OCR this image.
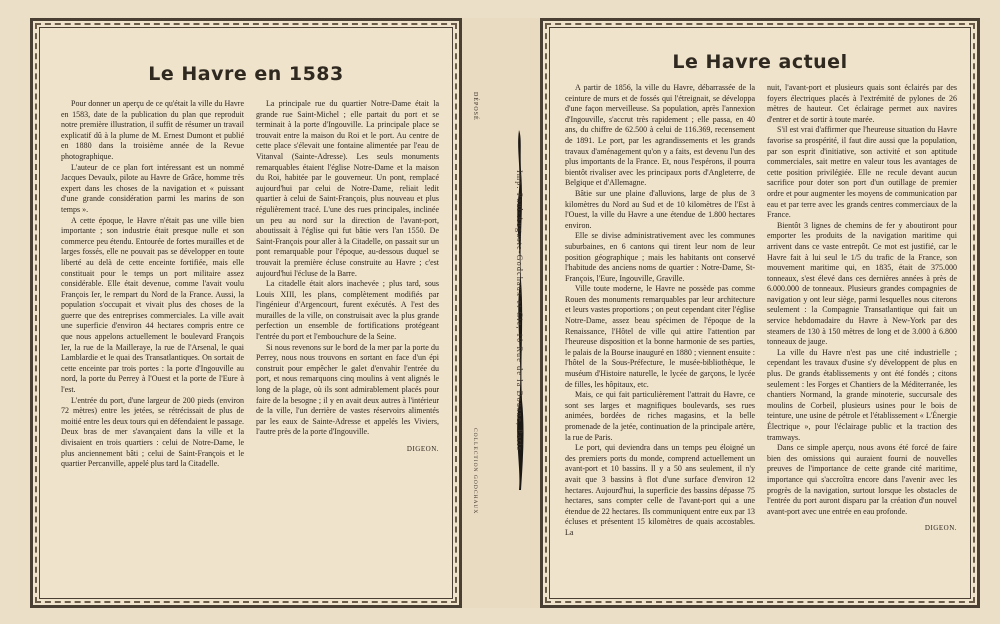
Le Havre en 1583

Pour donner un aperçu de ce qu'était la ville du Havre en 1583, date de la publication du plan que reproduit notre première illustration, il suffit de résumer un travail explicatif dû à la plume de M. Ernest Dumont et publié en 1880 dans la troisième année de la Revue photographique.

L'auteur de ce plan fort intéressant est un nommé Jacques Devaulx, pilote au Havre de Grâce, homme très expert dans les choses de la navigation et « puissant d'une grande considération parmi les marins de son temps ».

A cette époque, le Havre n'était pas une ville bien importante ; son industrie était presque nulle et son commerce peu étendu. Entourée de fortes murailles et de larges fossés, elle ne pouvait pas se développer en toute liberté au delà de cette enceinte fortifiée, mais elle constituait pour le temps un port militaire assez considérable. Elle était devenue, comme l'avait voulu François Ier, le rempart du Nord de la France. Aussi, la population s'occupait et vivait plus des choses de la guerre que des entreprises commerciales. La ville avait une superficie d'environ 44 hectares compris entre ce que nous appelons actuellement le boulevard François Ier, la rue de la Mailleraye, la rue de l'Arsenal, le quai Lamblardie et le quai des Transatlantiques. On sortait de cette enceinte par trois portes : la porte d'Ingouville au nord, la porte du Perrey à l'Ouest et la porte de l'Eure à l'est.

L'entrée du port, d'une largeur de 200 pieds (environ 72 mètres) entre les jetées, se rétrécissait de plus de moitié entre les deux tours qui en défendaient le passage. Deux bras de mer s'avançaient dans la ville et la divisaient en trois quartiers : celui de Notre-Dame, le plus anciennement bâti ; celui de Saint-François et le quartier Percanville, appelé plus tard la Citadelle.

La principale rue du quartier Notre-Dame était la grande rue Saint-Michel ; elle partait du port et se terminait à la porte d'Ingouville. La principale place se trouvait entre la maison du Roi et le port. Au centre de cette place s'élevait une fontaine alimentée par l'eau de Vitanval (Sainte-Adresse). Les seuls monuments remarquables étaient l'église Notre-Dame et la maison du Roi, habitée par le gouverneur. Un pont, remplacé aujourd'hui par celui de Notre-Dame, reliait ledit quartier à celui de Saint-François, plus nouveau et plus régulièrement tracé. L'une des rues principales, inclinée un peu au nord sur la direction de l'avant-port, aboutissait à l'église qui fut bâtie vers l'an 1550. De Saint-François pour aller à la Citadelle, on passait sur un pont remarquable pour l'époque, au-dessous duquel se trouvait la première écluse construite au Havre ; c'est aujourd'hui l'écluse de la Barre.

La citadelle était alors inachevée ; plus tard, sous Louis XIII, les plans, complètement modifiés par l'ingénieur d'Argencourt, furent exécutés. A l'est des murailles de la ville, on construisait avec la plus grande perfection un ensemble de fortifications protégeant l'entrée du port et l'embouchure de la Seine.

Si nous revenons sur le bord de la mer par la porte du Perrey, nous nous trouvons en sortant en face d'un épi construit pour empêcher le galet d'envahir l'entrée du port, et nous remarquons cinq moulins à vent alignés le long de la plage, où ils sont admirablement placés pour faire de la besogne ; il y en avait deux autres à l'intérieur de la ville, l'un derrière de vastes réservoirs alimentés par les eaux de Sainte-Adresse et appelés les Viviers, l'autre près de la porte d'Ingouville.

DIGEON.
DÉPOSÉ
Imp. Paul-Auguste-Godchaux et Cie, 10 Rue de la Douane, Paris
COLLECTION GODCHAUX
Le Havre actuel

A partir de 1856, la ville du Havre, débarrassée de la ceinture de murs et de fossés qui l'étreignait, se développa d'une façon merveilleuse. Sa population, après l'annexion d'Ingouville, s'accrut très rapidement ; elle passa, en 40 ans, du chiffre de 62.500 à celui de 116.369, recensement de 1891. Le port, par les agrandissements et les grands travaux d'aménagement qu'on y a faits, est devenu l'un des plus importants de la France. Et, nous l'espérons, il pourra bientôt rivaliser avec les principaux ports d'Angleterre, de Belgique et d'Allemagne.

Bâtie sur une plaine d'alluvions, large de plus de 3 kilomètres du Nord au Sud et de 10 kilomètres de l'Est à l'Ouest, la ville du Havre a une étendue de 1.800 hectares environ.

Elle se divise administrativement avec les communes suburbaines, en 6 cantons qui tirent leur nom de leur position géographique ; mais les habitants ont conservé l'habitude des anciens noms de quartier : Notre-Dame, St-François, l'Eure, Ingouville, Graville.

Ville toute moderne, le Havre ne possède pas comme Rouen des monuments remarquables par leur architecture et leurs vastes proportions ; on peut cependant citer l'église Notre-Dame, assez beau spécimen de l'époque de la Renaissance, l'Hôtel de ville qui attire l'attention par l'heureuse disposition et la bonne harmonie de ses parties, le palais de la Bourse inauguré en 1880 ; viennent ensuite : l'hôtel de la Sous-Préfecture, le musée-bibliothèque, le muséum d'Histoire naturelle, le lycée de garçons, le lycée de filles, les hôpitaux, etc.

Mais, ce qui fait particulièrement l'attrait du Havre, ce sont ses larges et magnifiques boulevards, ses rues animées, bordées de riches magasins, et la belle promenade de la jetée, continuation de la principale artère, la rue de Paris.

Le port, qui deviendra dans un temps peu éloigné un des premiers ports du monde, comprend actuellement un avant-port et 10 bassins. Il y a 50 ans seulement, il n'y avait que 3 bassins à flot d'une surface d'environ 12 hectares. Aujourd'hui, la superficie des bassins dépasse 75 hectares, sans compter celle de l'avant-port qui a une étendue de 22 hectares. Ils communiquent entre eux par 13 écluses et présentent 15 kilomètres de quais accostables. La

nuit, l'avant-port et plusieurs quais sont éclairés par des foyers électriques placés à l'extrémité de pylones de 26 mètres de hauteur. Cet éclairage permet aux navires d'entrer et de sortir à toute marée.

S'il est vrai d'affirmer que l'heureuse situation du Havre favorise sa prospérité, il faut dire aussi que la population, par son esprit d'initiative, son activité et son aptitude commerciales, sait mettre en valeur tous les avantages de cette position privilégiée. Elle ne recule devant aucun sacrifice pour doter son port d'un outillage de premier ordre et pour augmenter les moyens de communication par eau et par terre avec les grands centres commerciaux de la France.

Bientôt 3 lignes de chemins de fer y aboutiront pour emporter les produits de la navigation maritime qui arrivent dans ce vaste entrepôt. Ce mot est justifié, car le Havre fait à lui seul le 1/5 du trafic de la France, son mouvement maritime qui, en 1835, était de 375.000 tonneaux, s'est élevé dans ces dernières années à près de 6.000.000 de tonneaux. Plusieurs grandes compagnies de navigation y ont leur siège, parmi lesquelles nous citerons seulement : la Compagnie Transatlantique qui fait un service hebdomadaire du Havre à New-York par des steamers de 130 à 150 mètres de long et de 3.000 à 6.800 tonneaux de jauge.

La ville du Havre n'est pas une cité industrielle ; cependant les travaux d'usine s'y développent de plus en plus. De grands établissements y ont été fondés ; citons seulement : les Forges et Chantiers de la Méditerranée, les chantiers Normand, la grande minoterie, succursale des moulins de Corbeil, plusieurs usines pour le bois de teinture, une usine de pétrole et l'établissement « L'Énergie Électrique », pour l'éclairage public et la traction des tramways.

Dans ce simple aperçu, nous avons été forcé de faire bien des omissions qui auraient fourni de nouvelles preuves de l'importance de cette grande cité maritime, importance qui s'accroîtra encore dans l'avenir avec les progrès de la navigation, surtout lorsque les obstacles de l'entrée du port auront disparu par la création d'un nouvel avant-port avec une entrée en eau profonde.

DIGEON.
